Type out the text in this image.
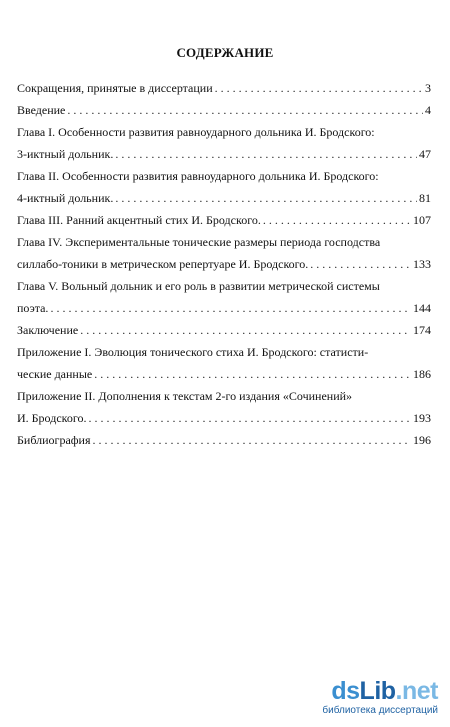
СОДЕРЖАНИЕ
Сокращения, принятые в диссертации .....	3
Введение .....	4
Глава I. Особенности развития равноударного дольника И. Бродского:
3-иктный дольник. .....	47
Глава II. Особенности развития равноударного дольника И. Бродского:
4-иктный дольник. .....	81
Глава III. Ранний акцентный стих И. Бродского. .....	107
Глава IV. Экспериментальные тонические размеры периода господства
силлабо-тоники в метрическом репертуаре И. Бродского. .....	133
Глава V. Вольный дольник и его роль в развитии метрической системы
поэта. .....	144
Заключение .....	174
Приложение I. Эволюция тонического стиха И. Бродского: статисти-
ческие данные .....	186
Приложение II. Дополнения к текстам 2-го издания «Сочинений»
И. Бродского. .....	193
Библиография .....	196
ds Lib .net
библиотека диссертаций
